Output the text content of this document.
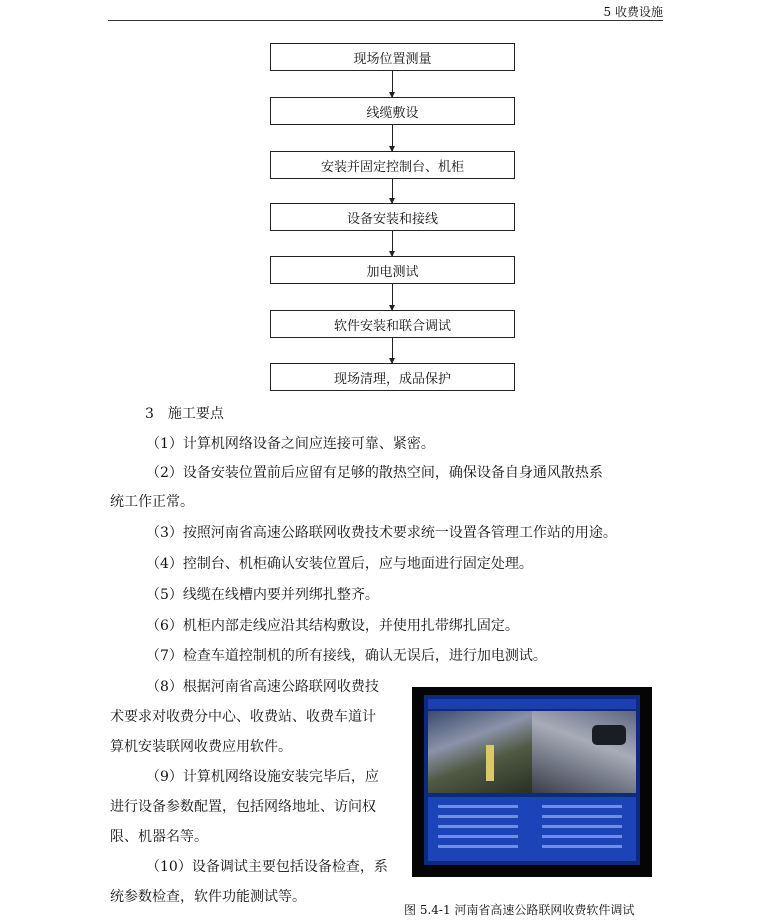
5 收费设施
现场位置测量
线缆敷设
安装并固定控制台、机柜
设备安装和接线
加电测试
软件安装和联合调试
现场清理，成品保护
3　施工要点
（1）计算机网络设备之间应连接可靠、紧密。
（2）设备安装位置前后应留有足够的散热空间，确保设备自身通风散热系
统工作正常。
（3）按照河南省高速公路联网收费技术要求统一设置各管理工作站的用途。
（4）控制台、机柜确认安装位置后，应与地面进行固定处理。
（5）线缆在线槽内要并列绑扎整齐。
（6）机柜内部走线应沿其结构敷设，并使用扎带绑扎固定。
（7）检查车道控制机的所有接线，确认无误后，进行加电测试。
（8）根据河南省高速公路联网收费技
术要求对收费分中心、收费站、收费车道计
算机安装联网收费应用软件。
（9）计算机网络设施安装完毕后，应
进行设备参数配置，包括网络地址、访问权
限、机器名等。
（10）设备调试主要包括设备检查，系
统参数检查，软件功能测试等。
图 5.4-1 河南省高速公路联网收费软件调试
